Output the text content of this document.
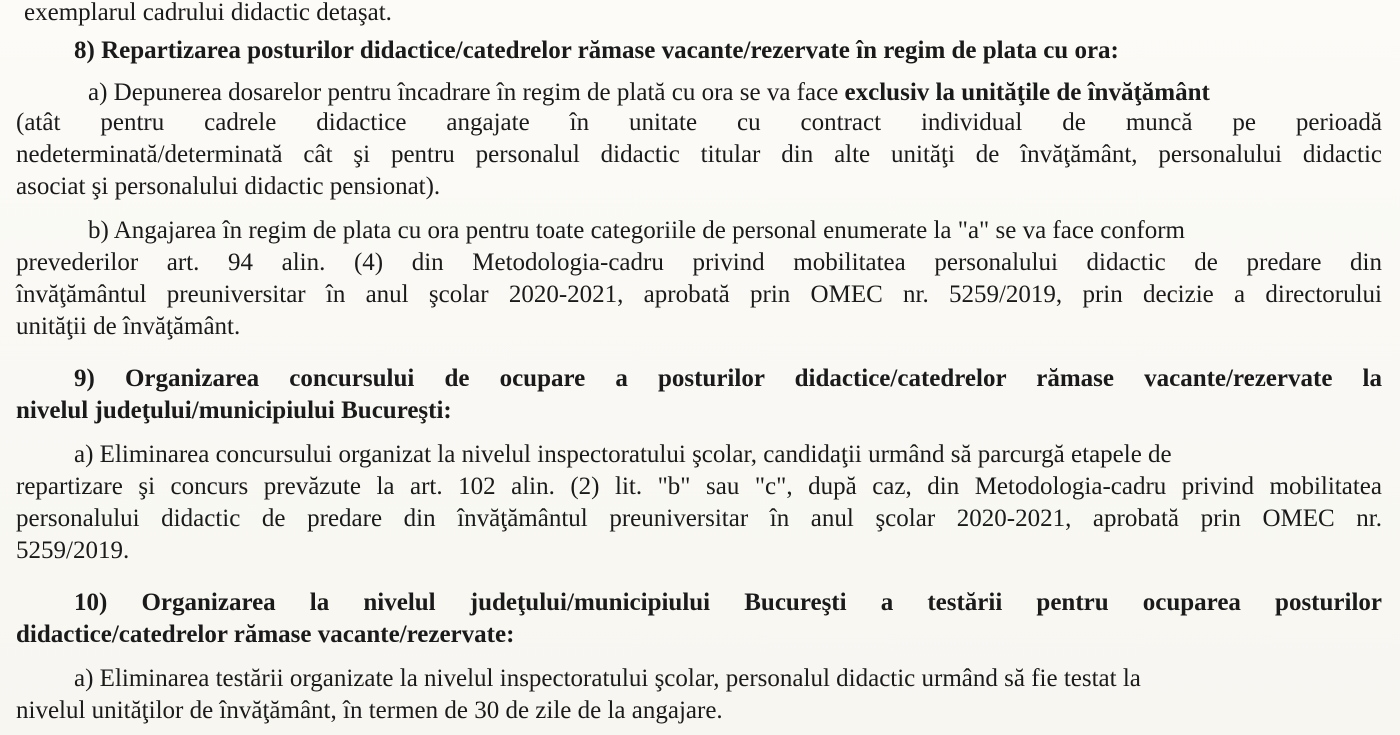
exemplarul cadrului didactic detaşat.
8) Repartizarea posturilor didactice/catedrelor rămase vacante/rezervate în regim de plata cu ora:
a) Depunerea dosarelor pentru încadrare în regim de plată cu ora se va face exclusiv la unităţile de învăţământ
(atât pentru cadrele didactice angajate în unitate cu contract individual de muncă pe perioadă
nedeterminată/determinată cât şi pentru personalul didactic titular din alte unităţi de învăţământ, personalului didactic
asociat şi personalului didactic pensionat).
b) Angajarea în regim de plata cu ora pentru toate categoriile de personal enumerate la "a" se va face conform
prevederilor art. 94 alin. (4) din Metodologia-cadru privind mobilitatea personalului didactic de predare din
învăţământul preuniversitar în anul şcolar 2020-2021, aprobată prin OMEC nr. 5259/2019, prin decizie a directorului
unităţii de învăţământ.
9) Organizarea concursului de ocupare a posturilor didactice/catedrelor rămase vacante/rezervate la
nivelul judeţului/municipiului Bucureşti:
a) Eliminarea concursului organizat la nivelul inspectoratului şcolar, candidaţii urmând să parcurgă etapele de
repartizare şi concurs prevăzute la art. 102 alin. (2) lit. "b" sau "c", după caz, din Metodologia-cadru privind mobilitatea
personalului didactic de predare din învăţământul preuniversitar în anul şcolar 2020-2021, aprobată prin OMEC nr.
5259/2019.
10) Organizarea la nivelul judeţului/municipiului Bucureşti a testării pentru ocuparea posturilor
didactice/catedrelor rămase vacante/rezervate:
a) Eliminarea testării organizate la nivelul inspectoratului şcolar, personalul didactic urmând să fie testat la
nivelul unităţilor de învăţământ, în termen de 30 de zile de la angajare.
